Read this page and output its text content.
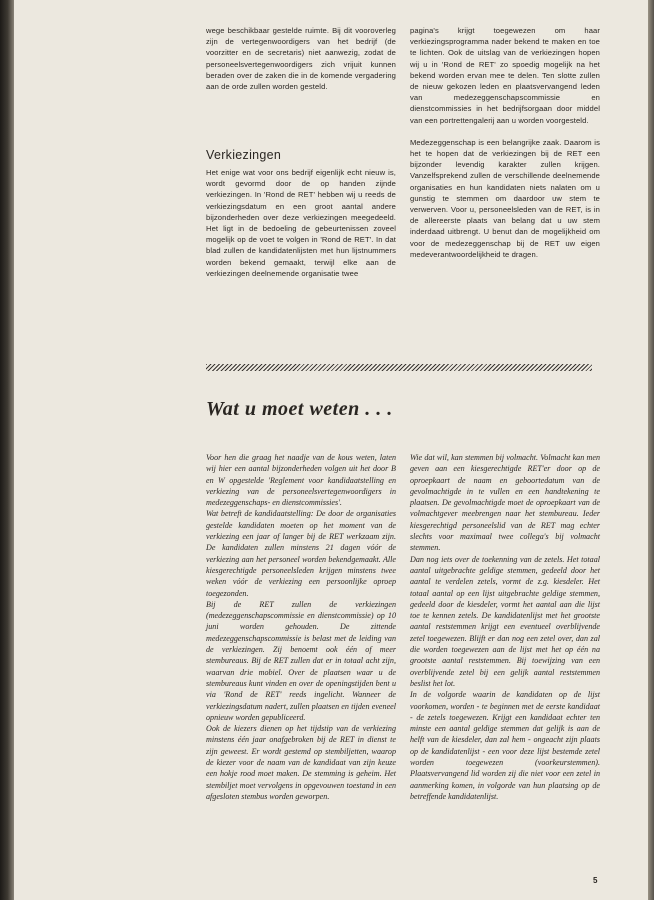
wege beschikbaar gestelde ruimte. Bij dit vooroverleg zijn de vertegenwoordigers van het bedrijf (de voorzitter en de secretaris) niet aanwezig, zodat de personeelsvertegenwoordigers zich vrijuit kunnen beraden over de zaken die in de komende vergadering aan de orde zullen worden gesteld.

Verkiezingen

Het enige wat voor ons bedrijf eigenlijk echt nieuw is, wordt gevormd door de op handen zijnde verkiezingen. In 'Rond de RET' hebben wij u reeds de verkiezingsdatum en een groot aantal andere bijzonderheden over deze verkiezingen meegedeeld. Het ligt in de bedoeling de gebeurtenissen zoveel mogelijk op de voet te volgen in 'Rond de RET'. In dat blad zullen de kandidatenlijsten met hun lijstnummers worden bekend gemaakt, terwijl elke aan de verkiezingen deelnemende organisatie twee

pagina's krijgt toegewezen om haar verkiezingsprogramma nader bekend te maken en toe te lichten. Ook de uitslag van de verkiezingen hopen wij u in 'Rond de RET' zo spoedig mogelijk na het bekend worden ervan mee te delen. Ten slotte zullen de nieuw gekozen leden en plaatsvervangend leden van medezeggenschapscommissie en dienstcommissies in het bedrijfsorgaan door middel van een portrettengalerij aan u worden voorgesteld.

Medezeggenschap is een belangrijke zaak. Daarom is het te hopen dat de verkiezingen bij de RET een bijzonder levendig karakter zullen krijgen. Vanzelfsprekend zullen de verschillende deelnemende organisaties en hun kandidaten niets nalaten om u gunstig te stemmen om daardoor uw stem te verwerven. Voor u, personeelsleden van de RET, is in de allereerste plaats van belang dat u uw stem inderdaad uitbrengt. U benut dan de mogelijkheid om voor de medezeggenschap bij de RET uw eigen medeverantwoordelijkheid te dragen.

Wat u moet weten . . .

Voor hen die graag het naadje van de kous weten, laten wij hier een aantal bijzonderheden volgen uit het door B en W opgestelde 'Reglement voor kandidaatstelling en verkiezing van de personeelsvertegenwoordigers in medezeggenschaps- en dienstcommissies'.

Wat betreft de kandidaatstelling: De door de organisaties gestelde kandidaten moeten op het moment van de verkiezing een jaar of langer bij de RET werkzaam zijn. De kandidaten zullen minstens 21 dagen vóór de verkiezing aan het personeel worden bekendgemaakt. Alle kiesgerechtigde personeelsleden krijgen minstens twee weken vóór de verkiezing een persoonlijke oproep toegezonden.

Bij de RET zullen de verkiezingen (medezeggenschapscommissie en dienstcommissie) op 10 juni worden gehouden. De zittende medezeggenschapscommissie is belast met de leiding van de verkiezingen. Zij benoemt ook één of meer stembureaus. Bij de RET zullen dat er in totaal acht zijn, waarvan drie mobiel. Over de plaatsen waar u de stembureaus kunt vinden en over de openingstijden bent u via 'Rond de RET' reeds ingelicht. Wanneer de verkiezingsdatum nadert, zullen plaatsen en tijden eveneel opnieuw worden gepubliceerd.

Ook de kiezers dienen op het tijdstip van de verkiezing minstens één jaar onafgebroken bij de RET in dienst te zijn geweest. Er wordt gestemd op stembiljetten, waarop de kiezer voor de naam van de kandidaat van zijn keuze een hokje rood moet maken. De stemming is geheim. Het stembiljet moet vervolgens in opgevouwen toestand in een afgesloten stembus worden geworpen.

Wie dat wil, kan stemmen bij volmacht. Volmacht kan men geven aan een kiesgerechtigde RET'er door op de oproepkaart de naam en geboortedatum van de gevolmachtigde in te vullen en een handtekening te plaatsen. De gevolmachtigde moet de oproepkaart van de volmachtgever meebrengen naar het stembureau. Ieder kiesgerechtigd personeelslid van de RET mag echter slechts voor maximaal twee collega's bij volmacht stemmen.

Dan nog iets over de toekenning van de zetels. Het totaal aantal uitgebrachte geldige stemmen, gedeeld door het aantal te verdelen zetels, vormt de z.g. kiesdeler. Het totaal aantal op een lijst uitgebrachte geldige stemmen, gedeeld door de kiesdeler, vormt het aantal aan die lijst toe te kennen zetels. De kandidatenlijst met het grootste aantal reststemmen krijgt een eventueel overblijvende zetel toegewezen. Blijft er dan nog een zetel over, dan zal die worden toegewezen aan de lijst met het op één na grootste aantal reststemmen. Bij toewijzing van een overblijvende zetel bij een gelijk aantal reststemmen beslist het lot.

In de volgorde waarin de kandidaten op de lijst voorkomen, worden - te beginnen met de eerste kandidaat - de zetels toegewezen. Krijgt een kandidaat echter ten minste een aantal geldige stemmen dat gelijk is aan de helft van de kiesdeler, dan zal hem - ongeacht zijn plaats op de kandidatenlijst - een voor deze lijst bestemde zetel worden toegewezen (voorkeurstemmen). Plaatsvervangend lid worden zij die niet voor een zetel in aanmerking komen, in volgorde van hun plaatsing op de betreffende kandidatenlijst.

5
